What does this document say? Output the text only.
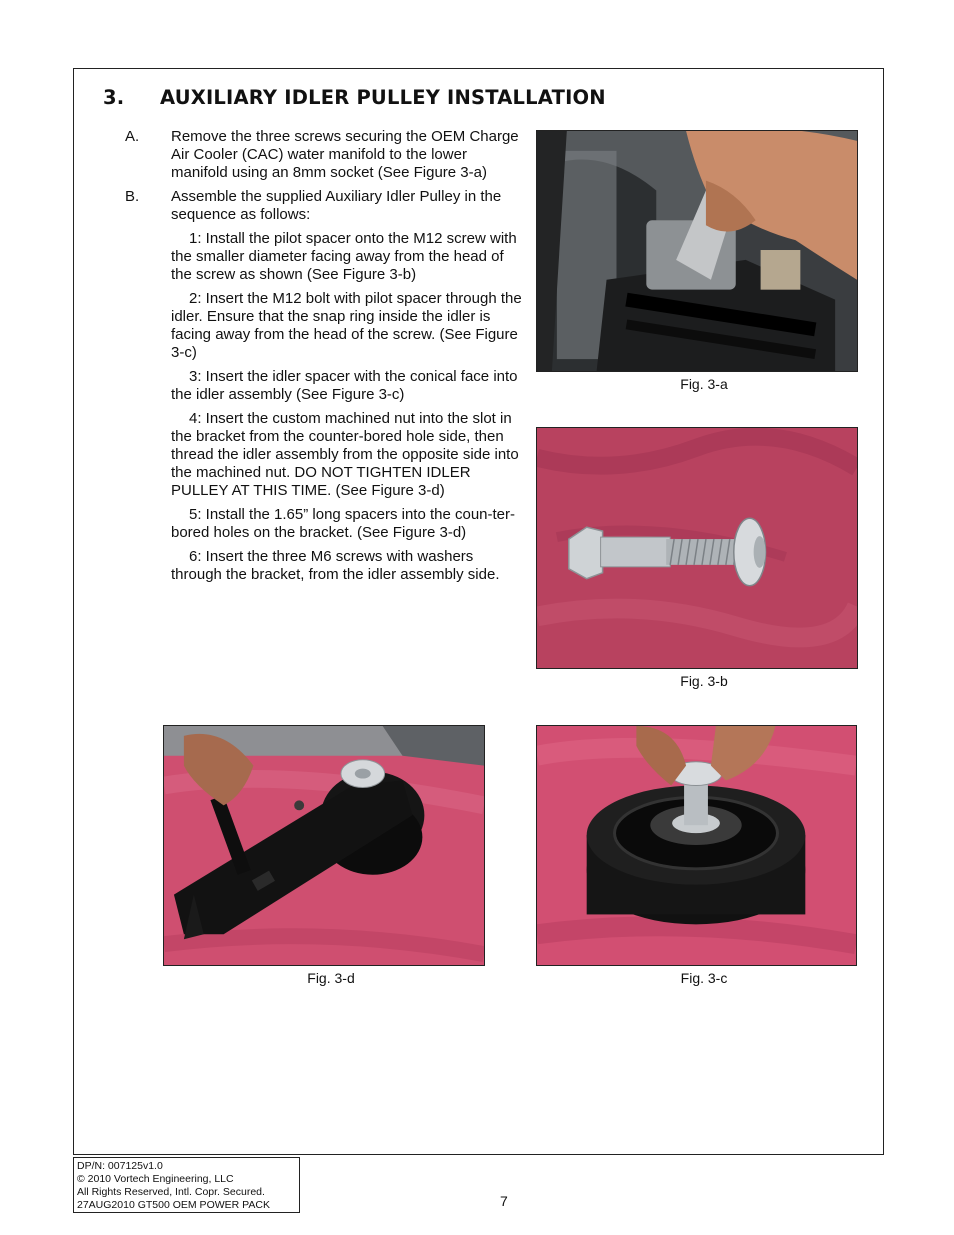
3. AUXILIARY IDLER PULLEY INSTALLATION
A. Remove the three screws securing the OEM Charge Air Cooler (CAC) water manifold to the lower manifold using an 8mm socket (See Figure 3-a)
B. Assemble the supplied Auxiliary Idler Pulley in the sequence as follows:
1: Install the pilot spacer onto the M12 screw with the smaller diameter facing away from the head of the screw as shown (See Figure 3-b)
2: Insert the M12 bolt with pilot spacer through the idler. Ensure that the snap ring inside the idler is facing away from the head of the screw. (See Figure 3-c)
3: Insert the idler spacer with the conical face into the idler assembly (See Figure 3-c)
4: Insert the custom machined nut into the slot in the bracket from the counter-bored hole side, then thread the idler assembly from the opposite side into the machined nut. DO NOT TIGHTEN IDLER PULLEY AT THIS TIME. (See Figure 3-d)
5: Install the 1.65” long spacers into the coun-ter-bored holes on the bracket. (See Figure 3-d)
6: Insert the three M6 screws with washers through the bracket, from the idler assembly side.
Fig. 3-a
Fig. 3-b
Fig. 3-d	Fig. 3-c
DP/N: 007125v1.0
© 2010 Vortech Engineering, LLC
All Rights Reserved, Intl. Copr. Secured.
27AUG2010 GT500 OEM POWER PACK	7
